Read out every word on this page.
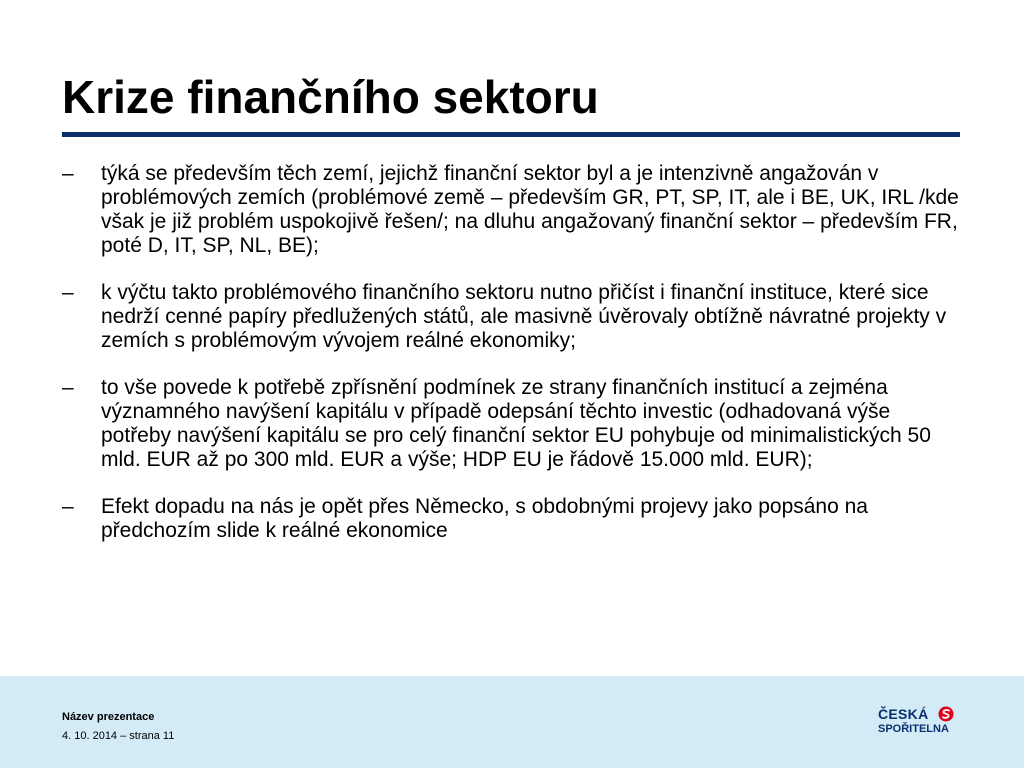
Krize finančního sektoru
– týká se především těch zemí, jejichž finanční sektor byl a je intenzivně angažován v problémových zemích (problémové země – především GR, PT, SP, IT, ale i BE, UK, IRL /kde však je již problém uspokojivě řešen/; na dluhu angažovaný finanční sektor – především FR, poté D, IT, SP, NL, BE);
– k výčtu takto problémového finančního sektoru nutno přičíst i finanční instituce, které sice nedrží cenné papíry předlužených států, ale masivně úvěrovaly obtížně návratné projekty v zemích s problémovým vývojem reálné ekonomiky;
– to vše povede k potřebě zpřísnění podmínek ze strany finančních institucí a zejména významného navýšení kapitálu v případě odepsání těchto investic (odhadovaná výše potřeby navýšení kapitálu se pro celý finanční sektor EU pohybuje od minimalistických 50 mld. EUR až po 300 mld. EUR a výše; HDP EU je řádově 15.000 mld. EUR);
– Efekt dopadu na nás je opět přes Německo, s obdobnými projevy jako popsáno na předchozím slide k reálné ekonomice
Název prezentace
4. 10. 2014 – strana 11
ČESKÁ
SPOŘITELNA
